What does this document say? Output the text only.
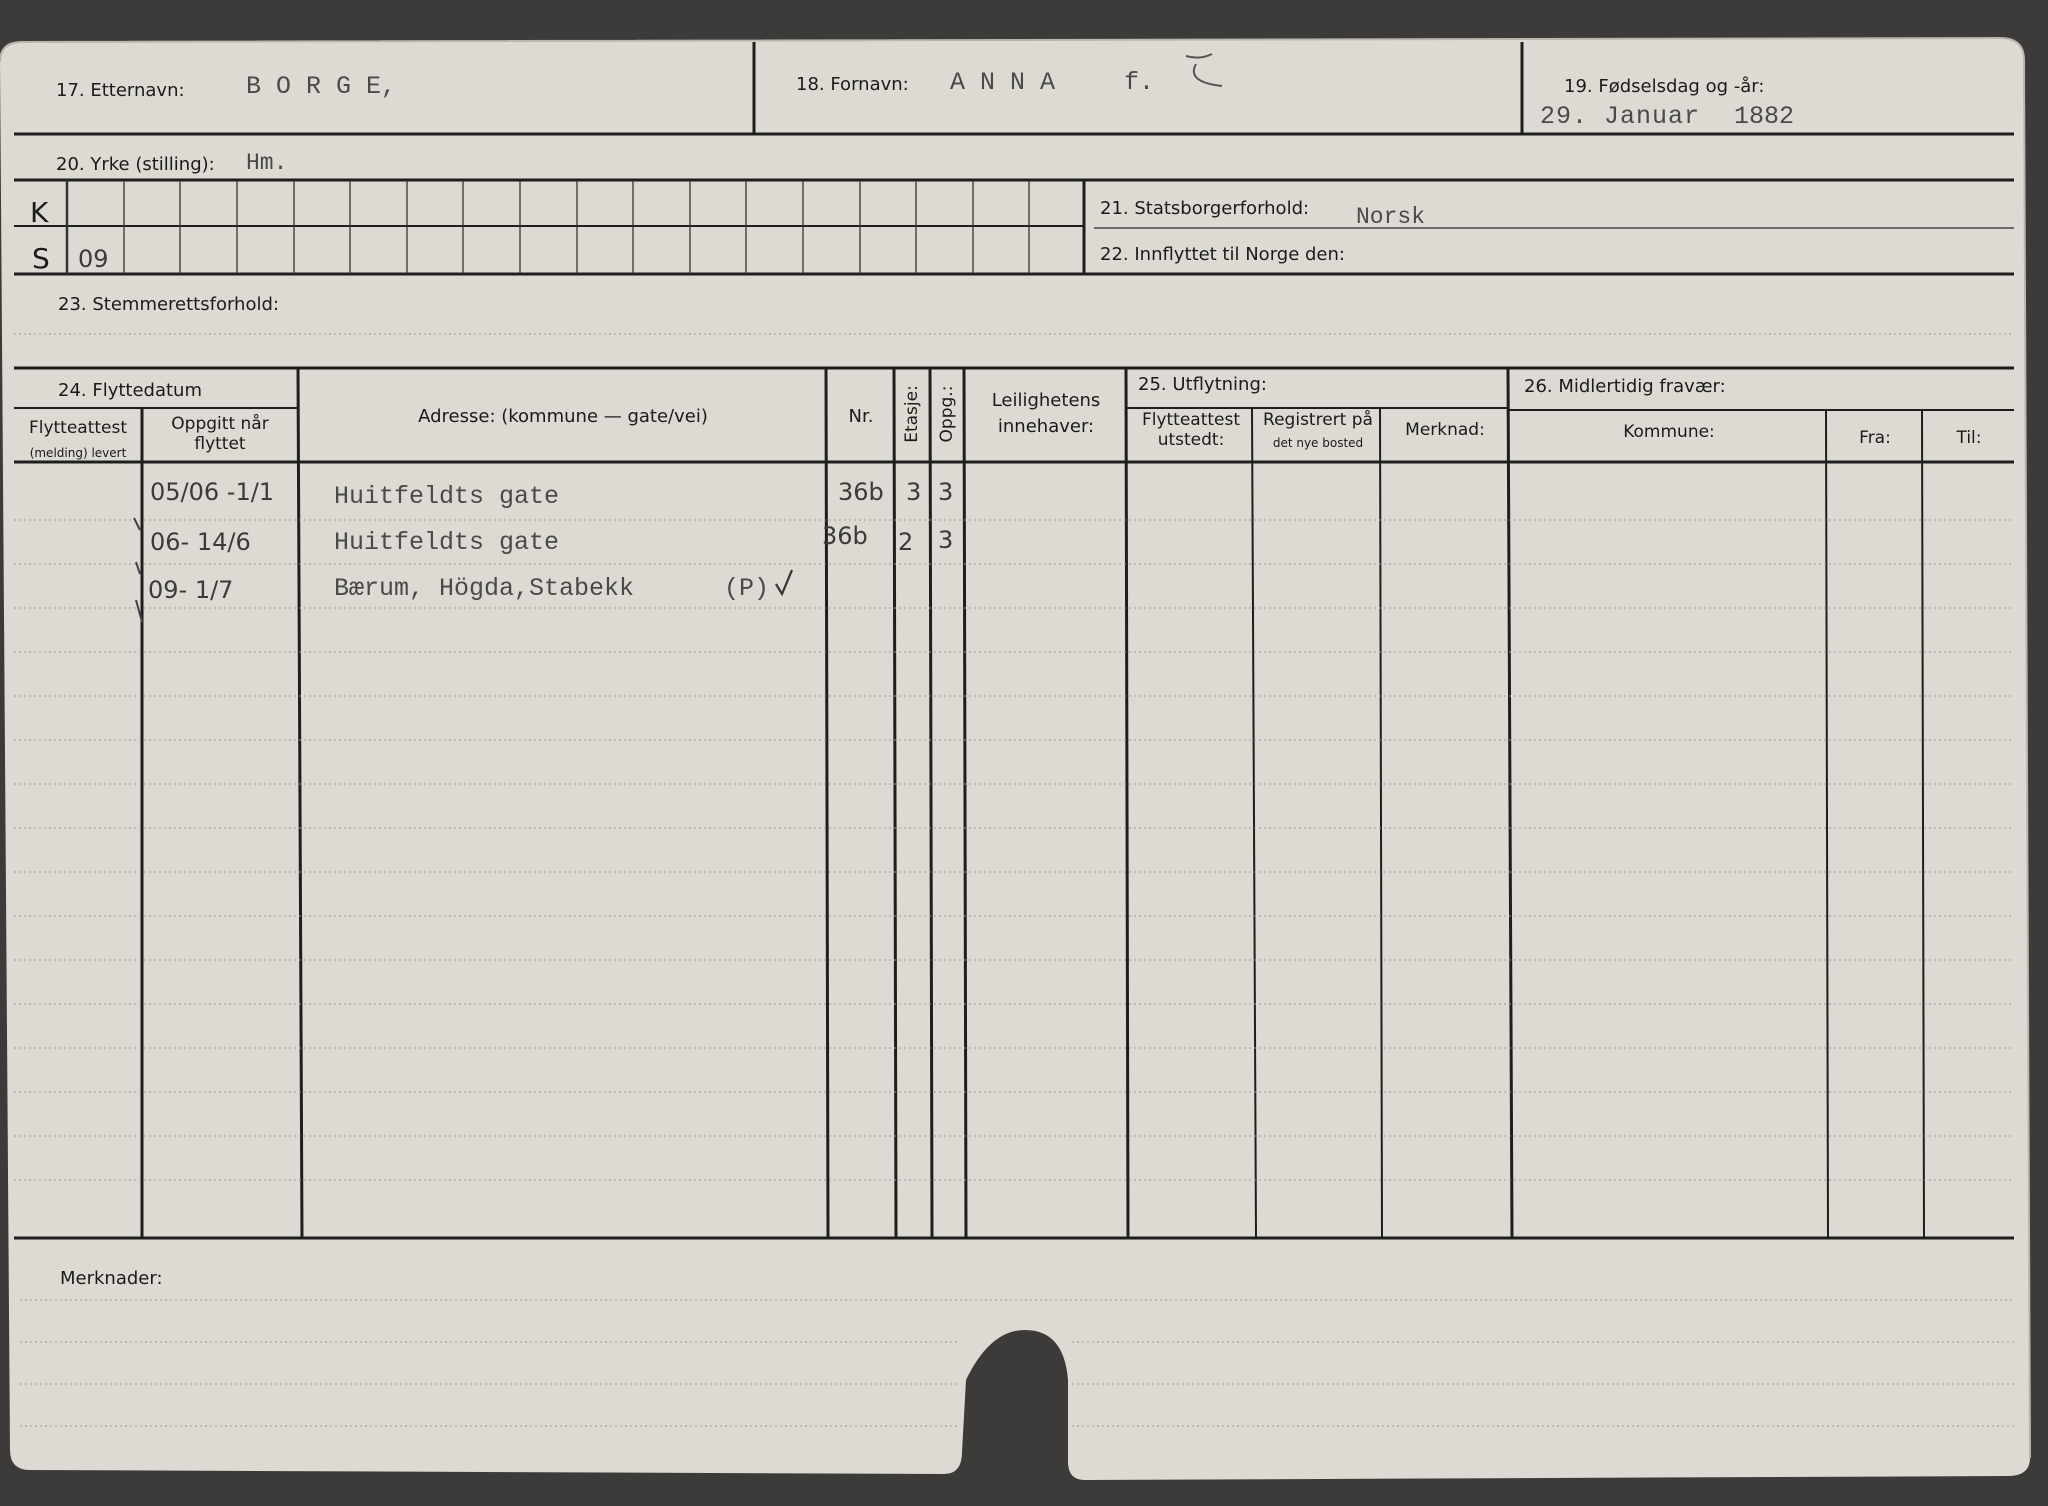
17. Etternavn: B O R G E,	18. Fornavn: A N N A	f.	19. Fødselsdag og -år:
29. Januar 1882
20. Yrke (stilling): Hm.
K
S 09
21. Statsborgerforhold: Norsk
22. Innflyttet til Norge den:
23. Stemmerettsforhold:
24. Flyttedatum
Flytteattest
(melding) levert
Oppgitt når
flyttet
Adresse: (kommune — gate/vei)	Nr.	Etasje: Oppg.:	Leilighetens
innehaver:
25. Utflytning:
Flytteattest
utstedt:
Registrert på
det nye bosted
Merknad:
26. Midlertidig fravær:
Kommune:	Fra:	Til:
05/06 -1/1 Huitfeldts gate	36b 3 3
06- 14/6	Huitfeldts gate	36b 2 3
09- 1/7	Bærum, Högda,Stabekk	(P)
Merknader:
